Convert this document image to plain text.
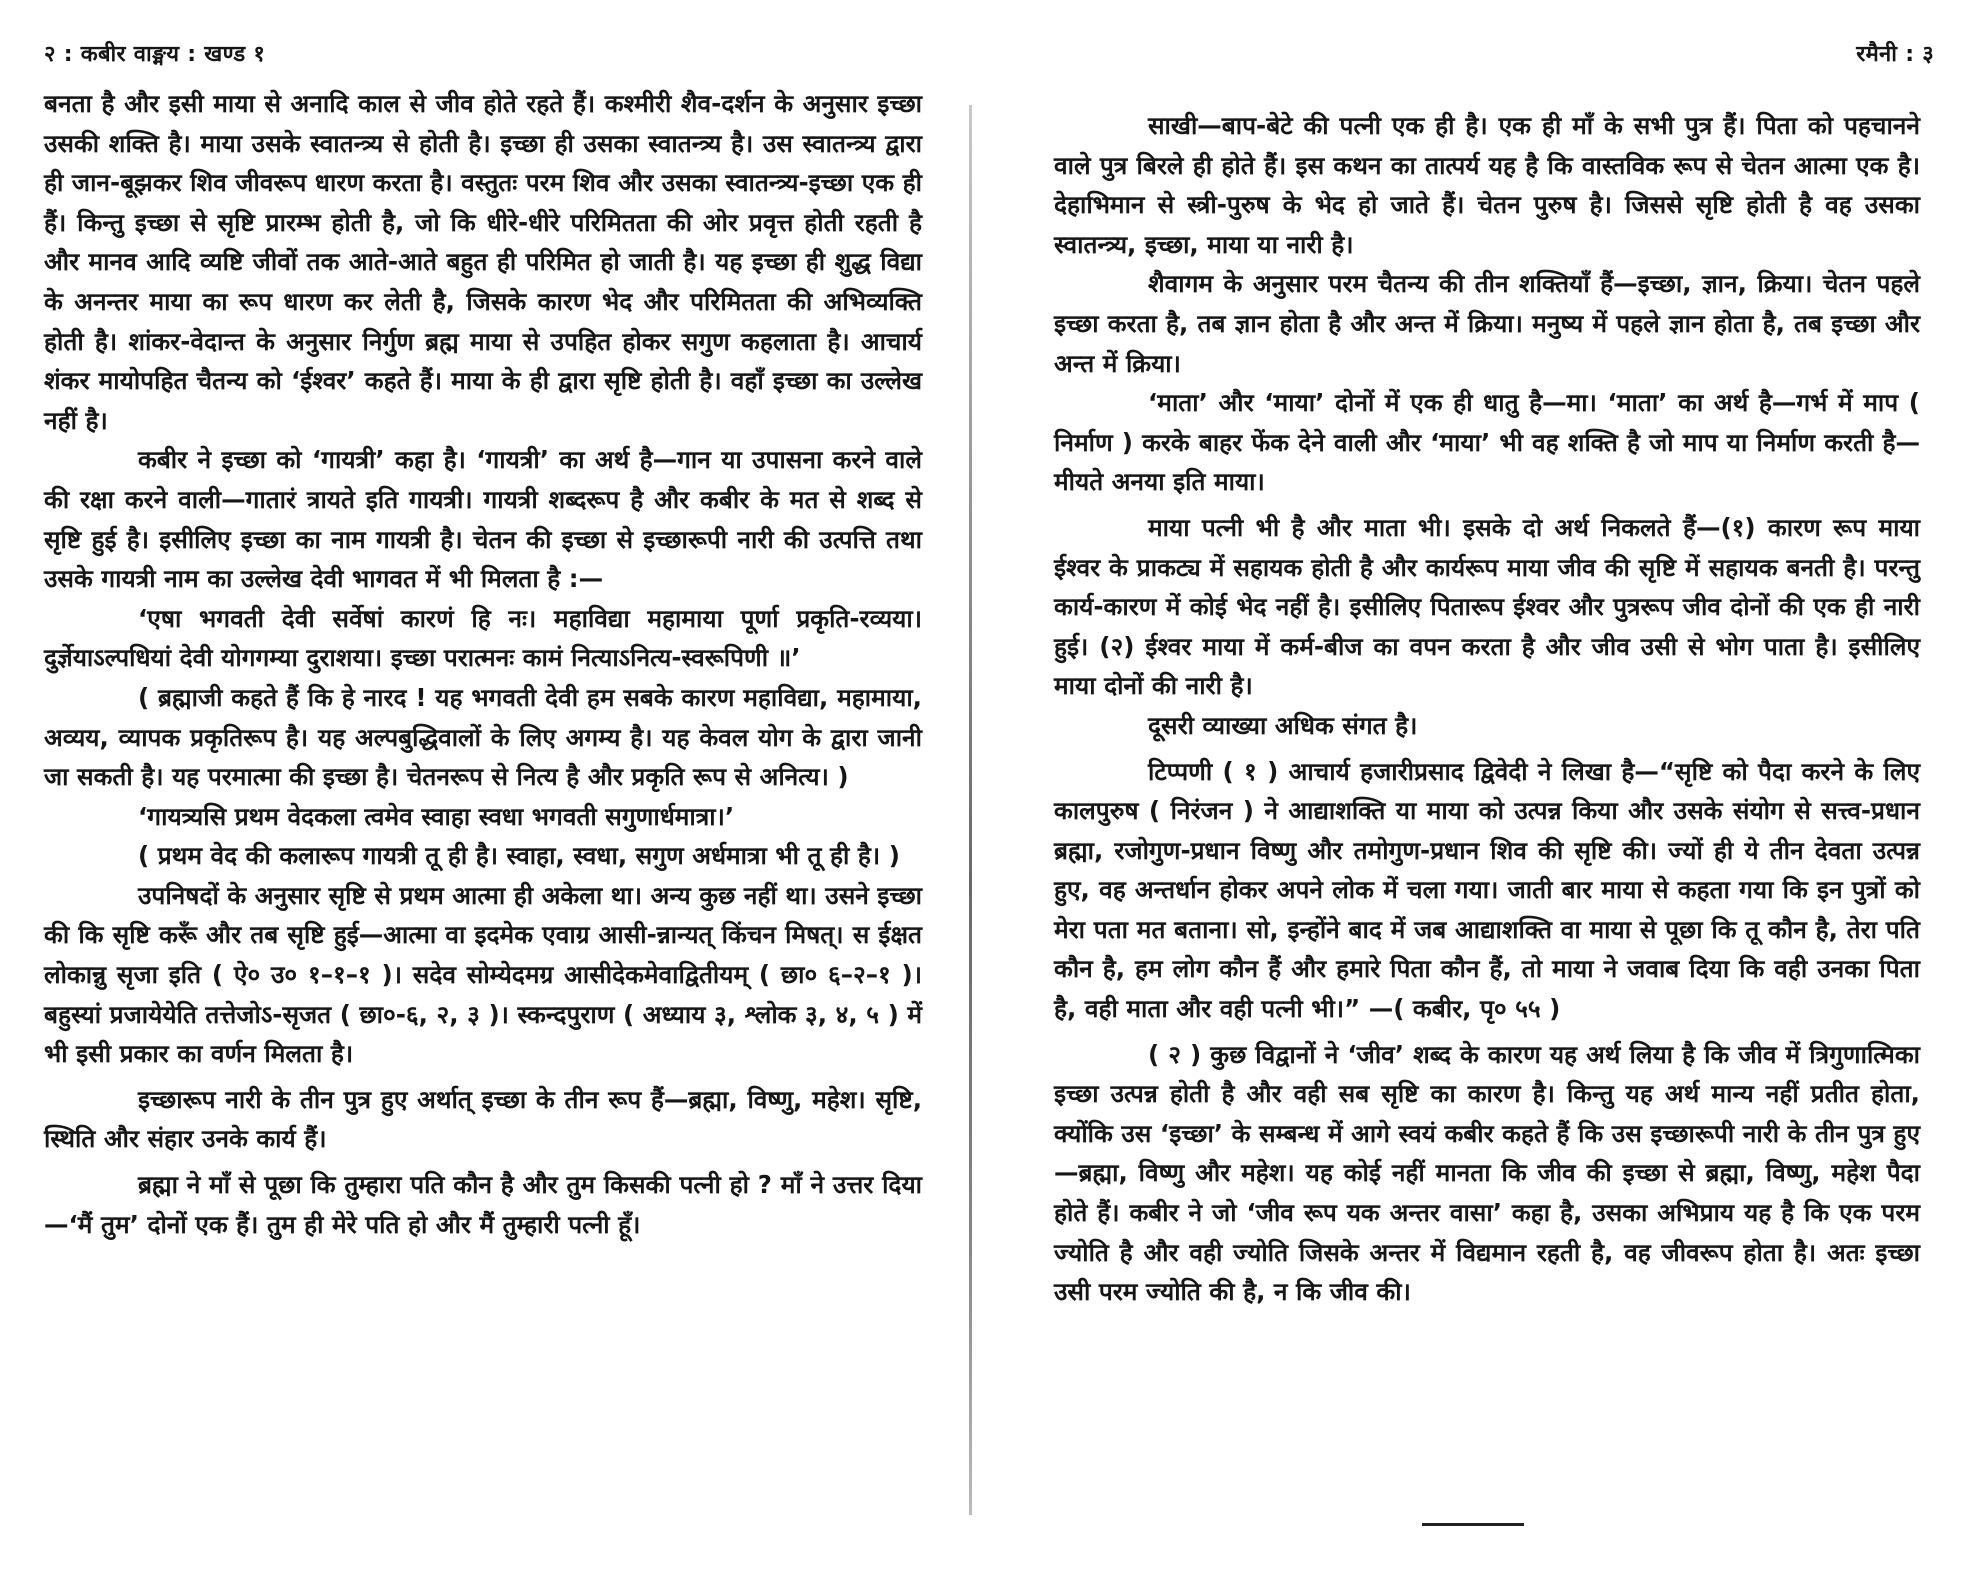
२ : कबीर वाङ्मय : खण्ड १

बनता है और इसी माया से अनादि काल से जीव होते रहते हैं। कश्मीरी शैव-दर्शन के अनुसार इच्छा उसकी शक्ति है। माया उसके स्वातन्त्र्य से होती है। इच्छा ही उसका स्वातन्त्र्य है। उस स्वातन्त्र्य द्वारा ही जान-बूझकर शिव जीवरूप धारण करता है। वस्तुतः परम शिव और उसका स्वातन्त्र्य-इच्छा एक ही हैं। किन्तु इच्छा से सृष्टि प्रारम्भ होती है, जो कि धीरे-धीरे परिमितता की ओर प्रवृत्त होती रहती है और मानव आदि व्यष्टि जीवों तक आते-आते बहुत ही परिमित हो जाती है। यह इच्छा ही शुद्ध विद्या के अनन्तर माया का रूप धारण कर लेती है, जिसके कारण भेद और परिमितता की अभिव्यक्ति होती है। शांकर-वेदान्त के अनुसार निर्गुण ब्रह्म माया से उपहित होकर सगुण कहलाता है। आचार्य शंकर मायोपहित चैतन्य को ‘ईश्वर’ कहते हैं। माया के ही द्वारा सृष्टि होती है। वहाँ इच्छा का उल्लेख नहीं है।

कबीर ने इच्छा को ‘गायत्री’ कहा है। ‘गायत्री’ का अर्थ है—गान या उपासना करने वाले की रक्षा करने वाली—गातारं त्रायते इति गायत्री। गायत्री शब्दरूप है और कबीर के मत से शब्द से सृष्टि हुई है। इसीलिए इच्छा का नाम गायत्री है। चेतन की इच्छा से इच्छारूपी नारी की उत्पत्ति तथा उसके गायत्री नाम का उल्लेख देवी भागवत में भी मिलता है :—

‘एषा भगवती देवी सर्वेषां कारणं हि नः। महाविद्या महामाया पूर्णा प्रकृति-रव्यया। दुर्ज्ञेयाऽल्पधियां देवी योगगम्या दुराशया। इच्छा परात्मनः कामं नित्याऽनित्य-स्वरूपिणी ॥’

( ब्रह्माजी कहते हैं कि हे नारद ! यह भगवती देवी हम सबके कारण महाविद्या, महामाया, अव्यय, व्यापक प्रकृतिरूप है। यह अल्पबुद्धिवालों के लिए अगम्य है। यह केवल योग के द्वारा जानी जा सकती है। यह परमात्मा की इच्छा है। चेतनरूप से नित्य है और प्रकृति रूप से अनित्य। )

‘गायत्र्यसि प्रथम वेदकला त्वमेव स्वाहा स्वधा भगवती सगुणार्धमात्रा।’

( प्रथम वेद की कलारूप गायत्री तू ही है। स्वाहा, स्वधा, सगुण अर्धमात्रा भी तू ही है। )

उपनिषदों के अनुसार सृष्टि से प्रथम आत्मा ही अकेला था। अन्य कुछ नहीं था। उसने इच्छा की कि सृष्टि करूँ और तब सृष्टि हुई—आत्मा वा इदमेक एवाग्र आसी-न्नान्यत् किंचन मिषत्। स ईक्षत लोकान्नु सृजा इति ( ऐ० उ० १–१–१ )। सदेव सोम्येदमग्र आसीदेकमेवाद्वितीयम् ( छा० ६–२–१ )। बहुस्यां प्रजायेयेति तत्तेजोऽ-सृजत ( छा०-६, २, ३ )। स्कन्दपुराण ( अध्याय ३, श्लोक ३, ४, ५ ) में भी इसी प्रकार का वर्णन मिलता है।

इच्छारूप नारी के तीन पुत्र हुए अर्थात् इच्छा के तीन रूप हैं—ब्रह्मा, विष्णु, महेश। सृष्टि, स्थिति और संहार उनके कार्य हैं।

ब्रह्मा ने माँ से पूछा कि तुम्हारा पति कौन है और तुम किसकी पत्नी हो ? माँ ने उत्तर दिया—‘मैं तुम’ दोनों एक हैं। तुम ही मेरे पति हो और मैं तुम्हारी पत्नी हूँ।

रमैनी : ३

साखी—बाप-बेटे की पत्नी एक ही है। एक ही माँ के सभी पुत्र हैं। पिता को पहचानने वाले पुत्र बिरले ही होते हैं। इस कथन का तात्पर्य यह है कि वास्तविक रूप से चेतन आत्मा एक है। देहाभिमान से स्त्री-पुरुष के भेद हो जाते हैं। चेतन पुरुष है। जिससे सृष्टि होती है वह उसका स्वातन्त्र्य, इच्छा, माया या नारी है।

शैवागम के अनुसार परम चैतन्य की तीन शक्तियाँ हैं—इच्छा, ज्ञान, क्रिया। चेतन पहले इच्छा करता है, तब ज्ञान होता है और अन्त में क्रिया। मनुष्य में पहले ज्ञान होता है, तब इच्छा और अन्त में क्रिया।

‘माता’ और ‘माया’ दोनों में एक ही धातु है—मा। ‘माता’ का अर्थ है—गर्भ में माप ( निर्माण ) करके बाहर फेंक देने वाली और ‘माया’ भी वह शक्ति है जो माप या निर्माण करती है—मीयते अनया इति माया।

माया पत्नी भी है और माता भी। इसके दो अर्थ निकलते हैं—(१) कारण रूप माया ईश्वर के प्राकट्य में सहायक होती है और कार्यरूप माया जीव की सृष्टि में सहायक बनती है। परन्तु कार्य-कारण में कोई भेद नहीं है। इसीलिए पितारूप ईश्वर और पुत्ररूप जीव दोनों की एक ही नारी हुई। (२) ईश्वर माया में कर्म-बीज का वपन करता है और जीव उसी से भोग पाता है। इसीलिए माया दोनों की नारी है।

दूसरी व्याख्या अधिक संगत है।

टिप्पणी ( १ ) आचार्य हजारीप्रसाद द्विवेदी ने लिखा है—“सृष्टि को पैदा करने के लिए कालपुरुष ( निरंजन ) ने आद्याशक्ति या माया को उत्पन्न किया और उसके संयोग से सत्त्व-प्रधान ब्रह्मा, रजोगुण-प्रधान विष्णु और तमोगुण-प्रधान शिव की सृष्टि की। ज्यों ही ये तीन देवता उत्पन्न हुए, वह अन्तर्धान होकर अपने लोक में चला गया। जाती बार माया से कहता गया कि इन पुत्रों को मेरा पता मत बताना। सो, इन्होंने बाद में जब आद्याशक्ति वा माया से पूछा कि तू कौन है, तेरा पति कौन है, हम लोग कौन हैं और हमारे पिता कौन हैं, तो माया ने जवाब दिया कि वही उनका पिता है, वही माता और वही पत्नी भी।” —( कबीर, पृ० ५५ )

( २ ) कुछ विद्वानों ने ‘जीव’ शब्द के कारण यह अर्थ लिया है कि जीव में त्रिगुणात्मिका इच्छा उत्पन्न होती है और वही सब सृष्टि का कारण है। किन्तु यह अर्थ मान्य नहीं प्रतीत होता, क्योंकि उस ‘इच्छा’ के सम्बन्ध में आगे स्वयं कबीर कहते हैं कि उस इच्छारूपी नारी के तीन पुत्र हुए—ब्रह्मा, विष्णु और महेश। यह कोई नहीं मानता कि जीव की इच्छा से ब्रह्मा, विष्णु, महेश पैदा होते हैं। कबीर ने जो ‘जीव रूप यक अन्तर वासा’ कहा है, उसका अभिप्राय यह है कि एक परम ज्योति है और वही ज्योति जिसके अन्तर में विद्यमान रहती है, वह जीवरूप होता है। अतः इच्छा उसी परम ज्योति की है, न कि जीव की।
